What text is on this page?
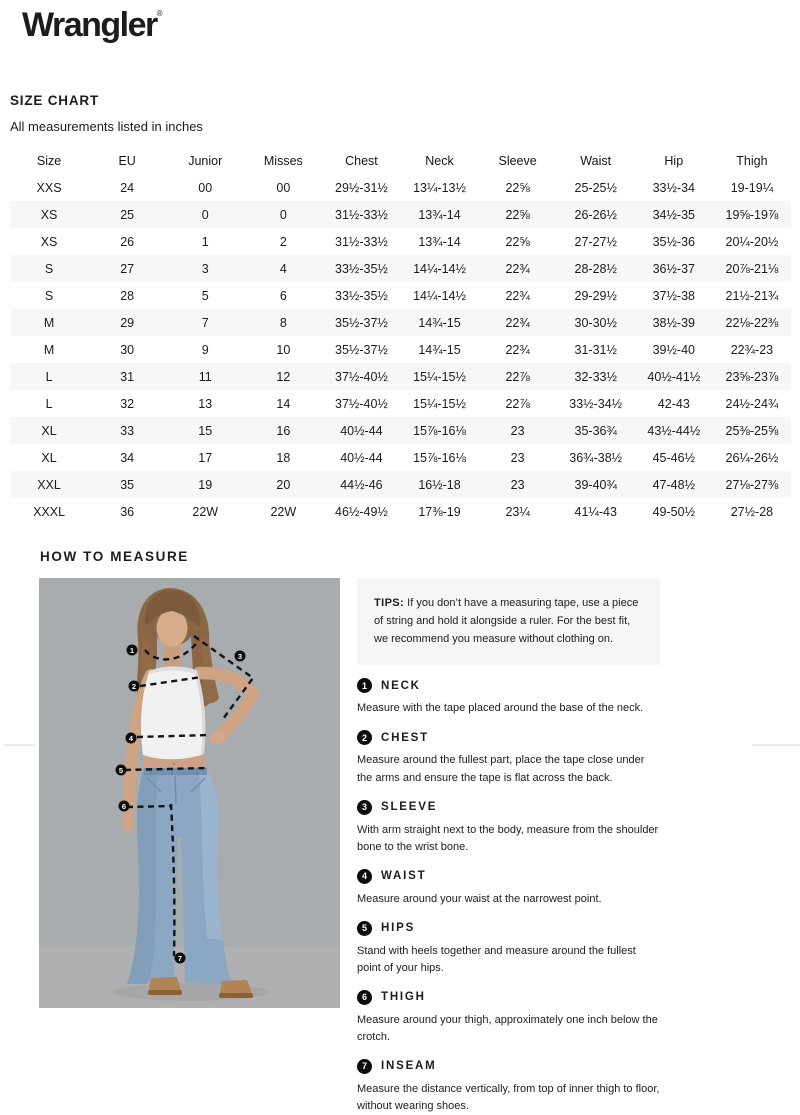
Wrangler®
SIZE CHART

All measurements listed in inches

Size	EU	Junior	Misses	Chest	Neck	Sleeve	Waist	Hip	Thigh
XXS	24	00	00	29½-31½	13¼-13½	22⅝	25-25½	33½-34	19-19¼
XS	25	0	0	31½-33½	13¾-14	22⅝	26-26½	34½-35	19⅝-19⅞
XS	26	1	2	31½-33½	13¾-14	22⅝	27-27½	35½-36	20¼-20½
S	27	3	4	33½-35½	14¼-14½	22¾	28-28½	36½-37	20⅞-21⅛
S	28	5	6	33½-35½	14¼-14½	22¾	29-29½	37½-38	21½-21¾
M	29	7	8	35½-37½	14¾-15	22¾	30-30½	38½-39	22⅛-22⅜
M	30	9	10	35½-37½	14¾-15	22¾	31-31½	39½-40	22¾-23
L	31	11	12	37½-40½	15¼-15½	22⅞	32-33½	40½-41½	23⅝-23⅞
L	32	13	14	37½-40½	15¼-15½	22⅞	33½-34½	42-43	24½-24¾
XL	33	15	16	40½-44	15⅞-16⅛	23	35-36¾	43½-44½	25⅜-25⅝
XL	34	17	18	40½-44	15⅞-16⅛	23	36¾-38½	45-46½	26¼-26½
XXL	35	19	20	44½-46	16½-18	23	39-40¾	47-48½	27⅛-27⅜
XXXL	36	22W	22W	46½-49½	17⅜-19	23¼	41¼-43	49-50½	27½-28
HOW TO MEASURE
1
2
3
4
5
6
7
TIPS: If you don’t have a measuring tape, use a piece of string and hold it alongside a ruler. For the best fit, we recommend you measure without clothing on.
1	NECK

Measure with the tape placed around the base of the neck.

2	CHEST

Measure around the fullest part, place the tape close under the arms and ensure the tape is flat across the back.

3	SLEEVE

With arm straight next to the body, measure from the shoulder bone to the wrist bone.

4	WAIST

Measure around your waist at the narrowest point.

5	HIPS

Stand with heels together and measure around the fullest point of your hips.

6	THIGH

Measure around your thigh, approximately one inch below the crotch.

7	INSEAM

Measure the distance vertically, from top of inner thigh to floor, without wearing shoes.
